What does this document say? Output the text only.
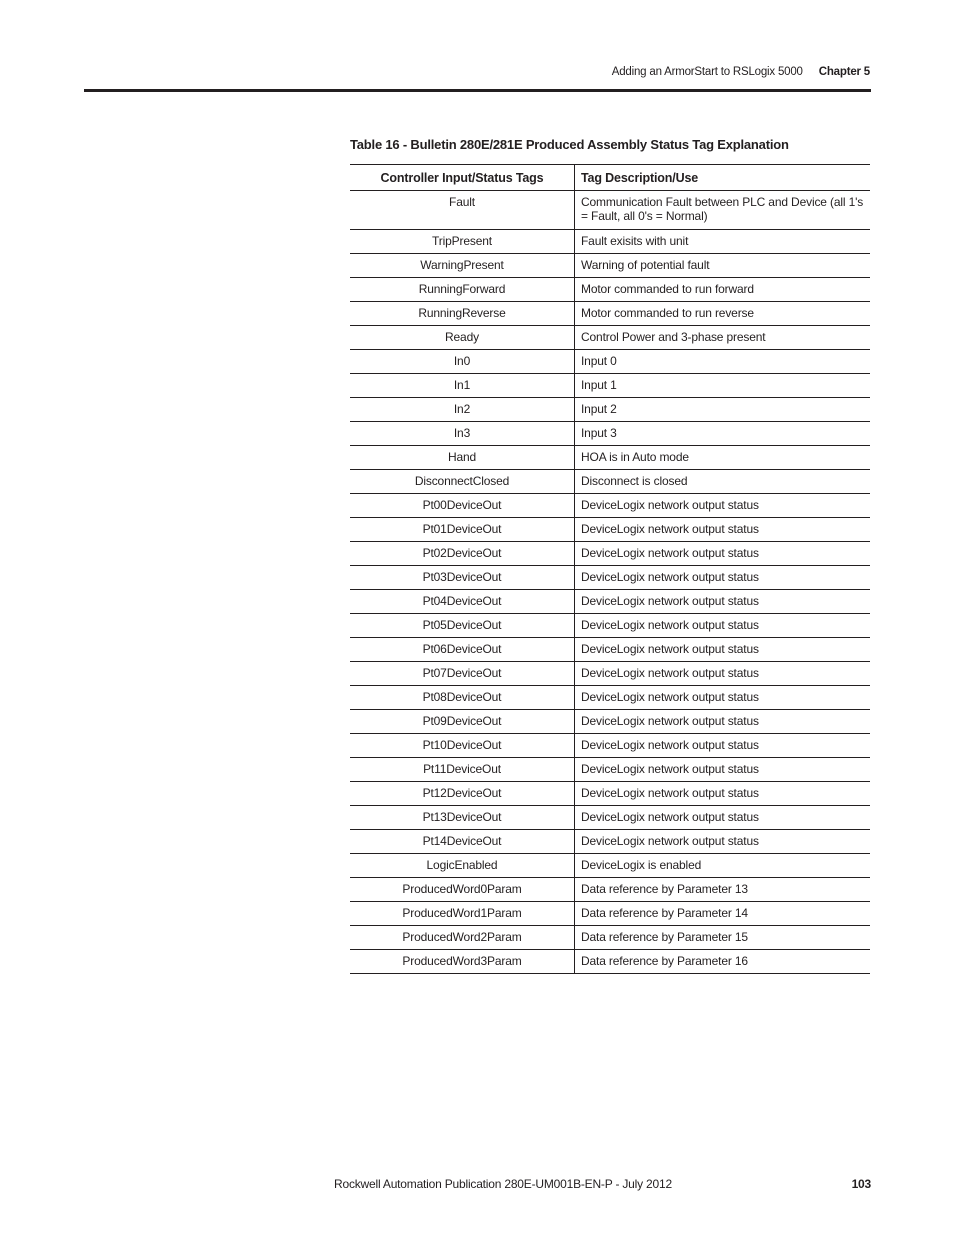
Adding an ArmorStart to RSLogix 5000 Chapter 5
Table 16 - Bulletin 280E/281E Produced Assembly Status Tag Explanation
Controller Input/Status Tags	Tag Description/Use
Fault	Communication Fault between PLC and Device (all 1's = Fault, all 0's = Normal)
TripPresent	Fault exisits with unit
WarningPresent	Warning of potential fault
RunningForward	Motor commanded to run forward
RunningReverse	Motor commanded to run reverse
Ready	Control Power and 3-phase present
In0	Input 0
In1	Input 1
In2	Input 2
In3	Input 3
Hand	HOA is in Auto mode
DisconnectClosed	Disconnect is closed
Pt00DeviceOut	DeviceLogix network output status
Pt01DeviceOut	DeviceLogix network output status
Pt02DeviceOut	DeviceLogix network output status
Pt03DeviceOut	DeviceLogix network output status
Pt04DeviceOut	DeviceLogix network output status
Pt05DeviceOut	DeviceLogix network output status
Pt06DeviceOut	DeviceLogix network output status
Pt07DeviceOut	DeviceLogix network output status
Pt08DeviceOut	DeviceLogix network output status
Pt09DeviceOut	DeviceLogix network output status
Pt10DeviceOut	DeviceLogix network output status
Pt11DeviceOut	DeviceLogix network output status
Pt12DeviceOut	DeviceLogix network output status
Pt13DeviceOut	DeviceLogix network output status
Pt14DeviceOut	DeviceLogix network output status
LogicEnabled	DeviceLogix is enabled
ProducedWord0Param	Data reference by Parameter 13
ProducedWord1Param	Data reference by Parameter 14
ProducedWord2Param	Data reference by Parameter 15
ProducedWord3Param	Data reference by Parameter 16
Rockwell Automation Publication 280E-UM001B-EN-P - July 2012	103
